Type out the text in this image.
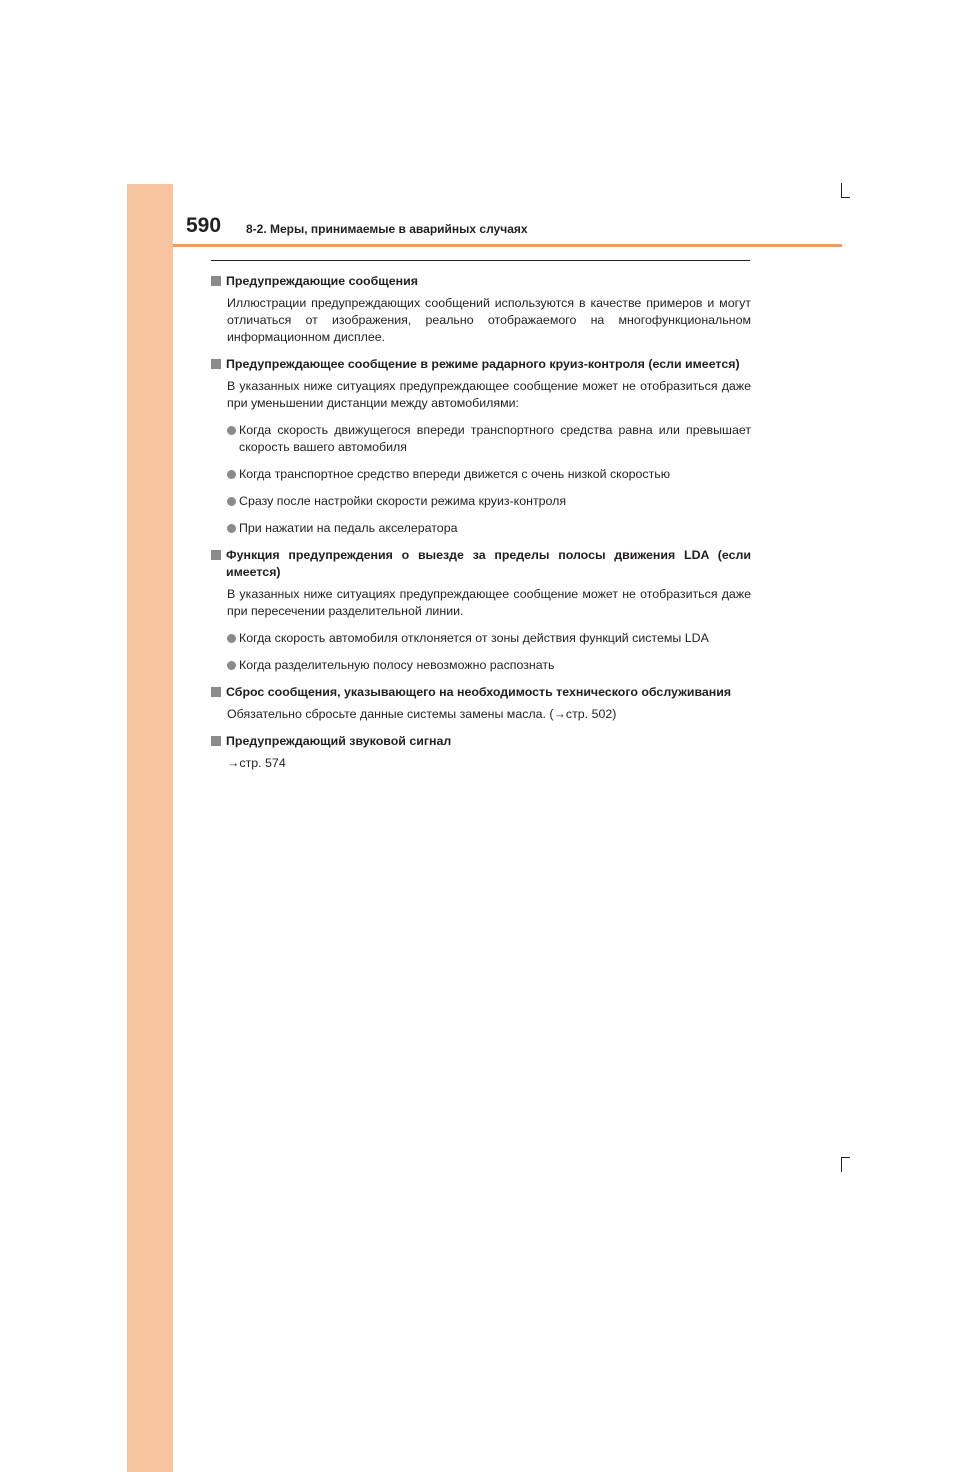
590 8-2. Меры, принимаемые в аварийных случаях
Предупреждающие сообщения
Иллюстрации предупреждающих сообщений используются в качестве примеров и могут отличаться от изображения, реально отображаемого на многофункциональном информационном дисплее.
Предупреждающее сообщение в режиме радарного круиз-контроля (если имеется)
В указанных ниже ситуациях предупреждающее сообщение может не отобразиться даже при уменьшении дистанции между автомобилями:
Когда скорость движущегося впереди транспортного средства равна или превышает скорость вашего автомобиля
Когда транспортное средство впереди движется с очень низкой скоростью
Сразу после настройки скорости режима круиз-контроля
При нажатии на педаль акселератора
Функция предупреждения о выезде за пределы полосы движения LDA (если имеется)
В указанных ниже ситуациях предупреждающее сообщение может не отобразиться даже при пересечении разделительной линии.
Когда скорость автомобиля отклоняется от зоны действия функций системы LDA
Когда разделительную полосу невозможно распознать
Сброс сообщения, указывающего на необходимость технического обслуживания
Обязательно сбросьте данные системы замены масла. (→стр. 502)
Предупреждающий звуковой сигнал
→стр. 574
